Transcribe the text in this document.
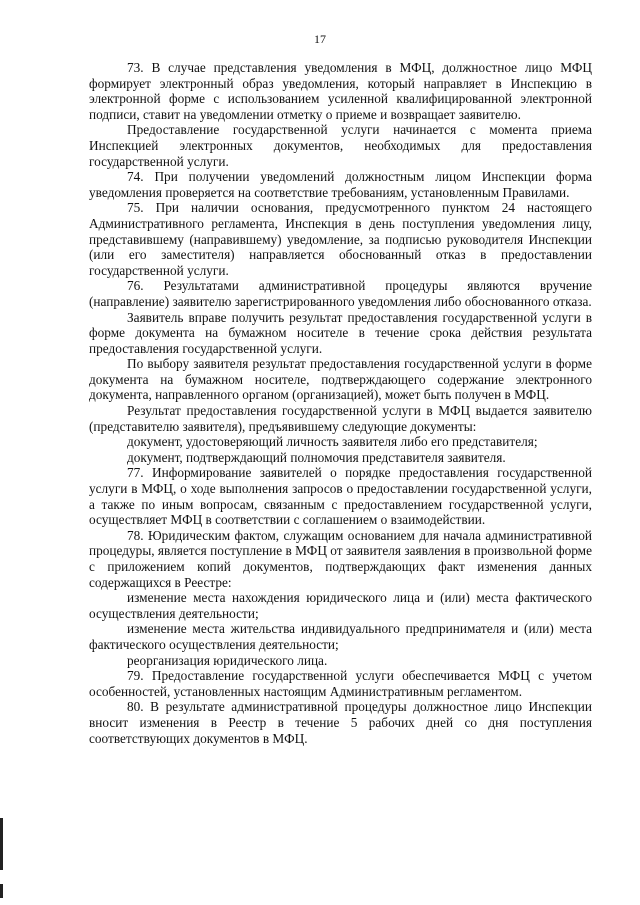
17

73. В случае представления уведомления в МФЦ, должностное лицо МФЦ формирует электронный образ уведомления, который направляет в Инспекцию в электронной форме с использованием усиленной квалифицированной электронной подписи, ставит на уведомлении отметку о приеме и возвращает заявителю.

Предоставление государственной услуги начинается с момента приема Инспекцией электронных документов, необходимых для предоставления государственной услуги.

74. При получении уведомлений должностным лицом Инспекции форма уведомления проверяется на соответствие требованиям, установленным Правилами.

75. При наличии основания, предусмотренного пунктом 24 настоящего Административного регламента, Инспекция в день поступления уведомления лицу, представившему (направившему) уведомление, за подписью руководителя Инспекции (или его заместителя) направляется обоснованный отказ в предоставлении государственной услуги.

76. Результатами административной процедуры являются вручение (направление) заявителю зарегистрированного уведомления либо обоснованного отказа.

Заявитель вправе получить результат предоставления государственной услуги в форме документа на бумажном носителе в течение срока действия результата предоставления государственной услуги.

По выбору заявителя результат предоставления государственной услуги в форме документа на бумажном носителе, подтверждающего содержание электронного документа, направленного органом (организацией), может быть получен в МФЦ.

Результат предоставления государственной услуги в МФЦ выдается заявителю (представителю заявителя), предъявившему следующие документы:

документ, удостоверяющий личность заявителя либо его представителя;

документ, подтверждающий полномочия представителя заявителя.

77. Информирование заявителей о порядке предоставления государственной услуги в МФЦ, о ходе выполнения запросов о предоставлении государственной услуги, а также по иным вопросам, связанным с предоставлением государственной услуги, осуществляет МФЦ в соответствии с соглашением о взаимодействии.

78. Юридическим фактом, служащим основанием для начала административной процедуры, является поступление в МФЦ от заявителя заявления в произвольной форме с приложением копий документов, подтверждающих факт изменения данных содержащихся в Реестре:

изменение места нахождения юридического лица и (или) места фактического осуществления деятельности;

изменение места жительства индивидуального предпринимателя и (или) места фактического осуществления деятельности;

реорганизация юридического лица.

79. Предоставление государственной услуги обеспечивается МФЦ с учетом особенностей, установленных настоящим Административным регламентом.

80. В результате административной процедуры должностное лицо Инспекции вносит изменения в Реестр в течение 5 рабочих дней со дня поступления соответствующих документов в МФЦ.
